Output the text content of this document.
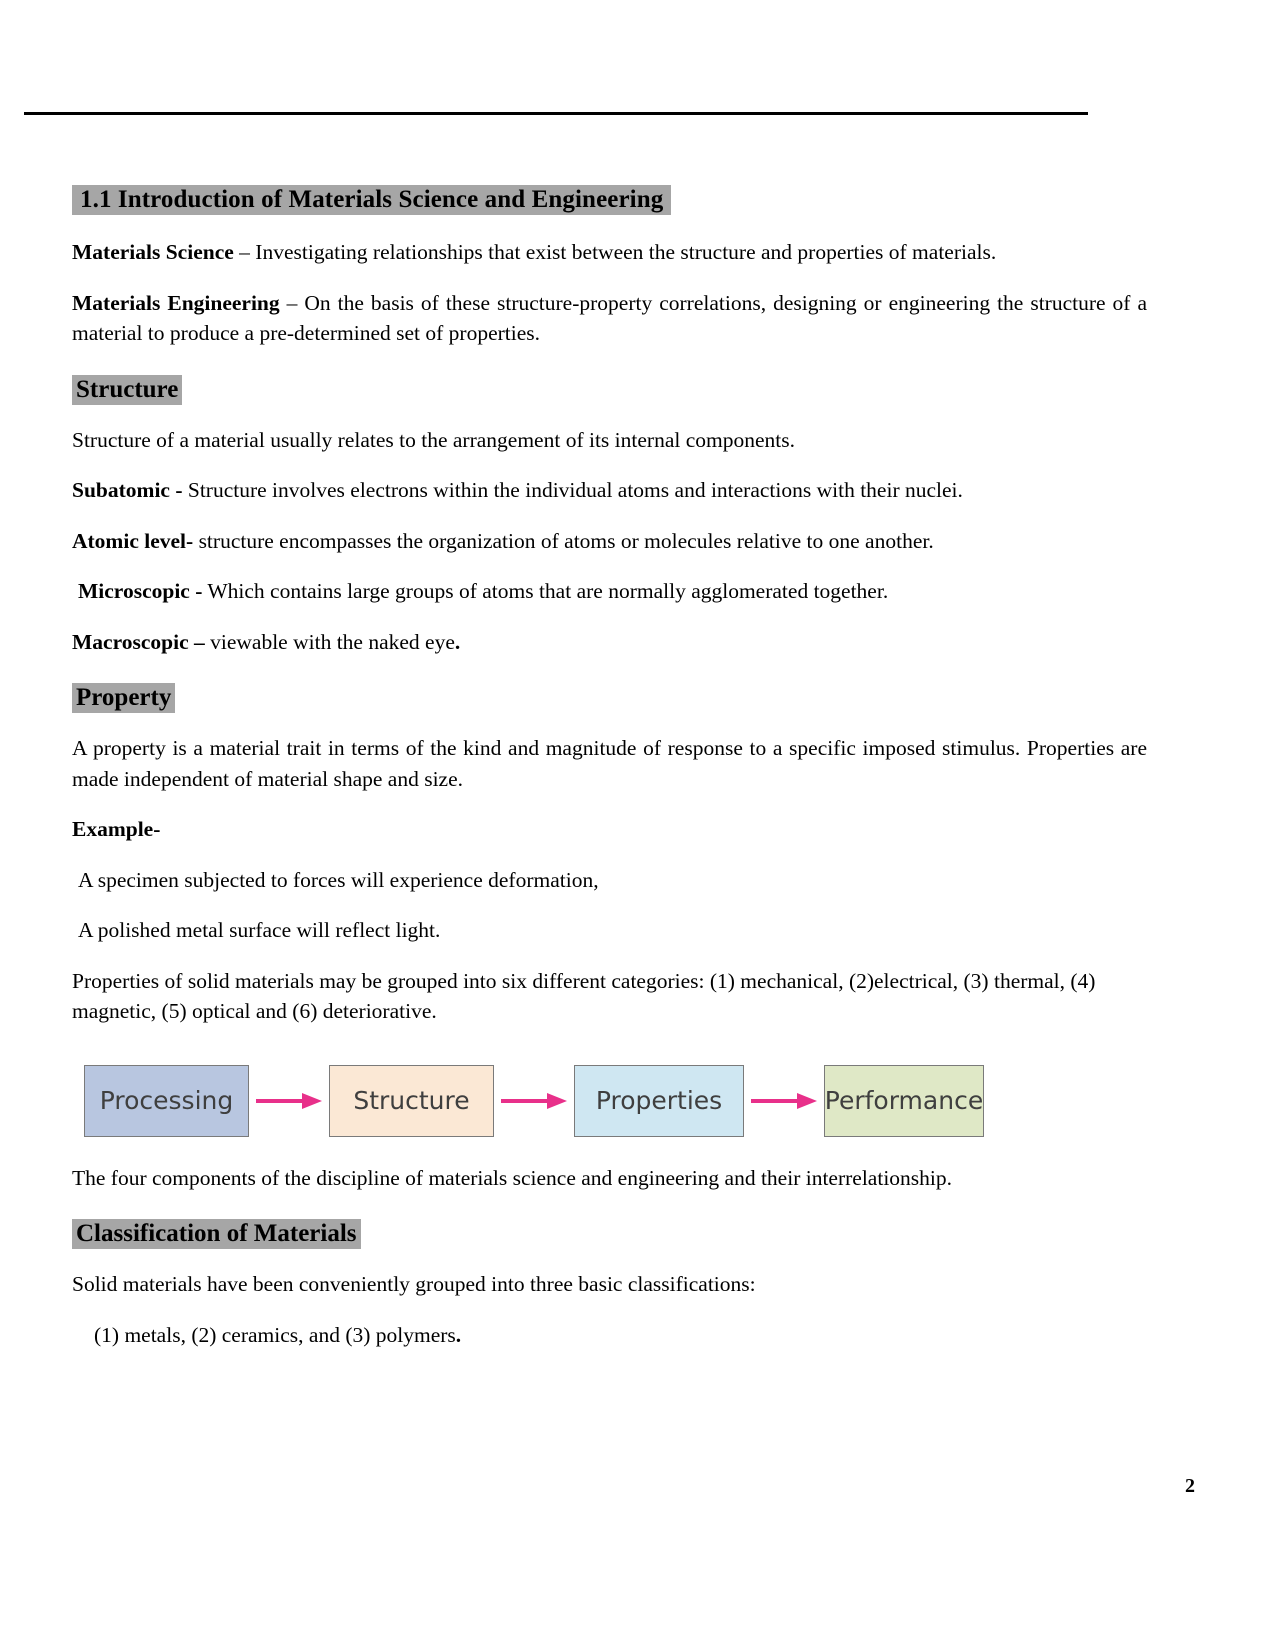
1.1 Introduction of Materials Science and Engineering

Materials Science – Investigating relationships that exist between the structure and properties of materials.

Materials Engineering – On the basis of these structure-property correlations, designing or engineering the structure of a material to produce a pre-determined set of properties.

Structure

Structure of a material usually relates to the arrangement of its internal components.

Subatomic - Structure involves electrons within the individual atoms and interactions with their nuclei.

Atomic level- structure encompasses the organization of atoms or molecules relative to one another.

Microscopic - Which contains large groups of atoms that are normally agglomerated together.

Macroscopic – viewable with the naked eye.

Property

A property is a material trait in terms of the kind and magnitude of response to a specific imposed stimulus. Properties are made independent of material shape and size.

Example-

A specimen subjected to forces will experience deformation,

A polished metal surface will reflect light.

Properties of solid materials may be grouped into six different categories: (1) mechanical, (2)electrical, (3) thermal, (4) magnetic, (5) optical and (6) deteriorative.

Processing	Structure	Properties	Performance

The four components of the discipline of materials science and engineering and their interrelationship.

Classification of Materials

Solid materials have been conveniently grouped into three basic classifications:

(1) metals, (2) ceramics, and (3) polymers.

2
